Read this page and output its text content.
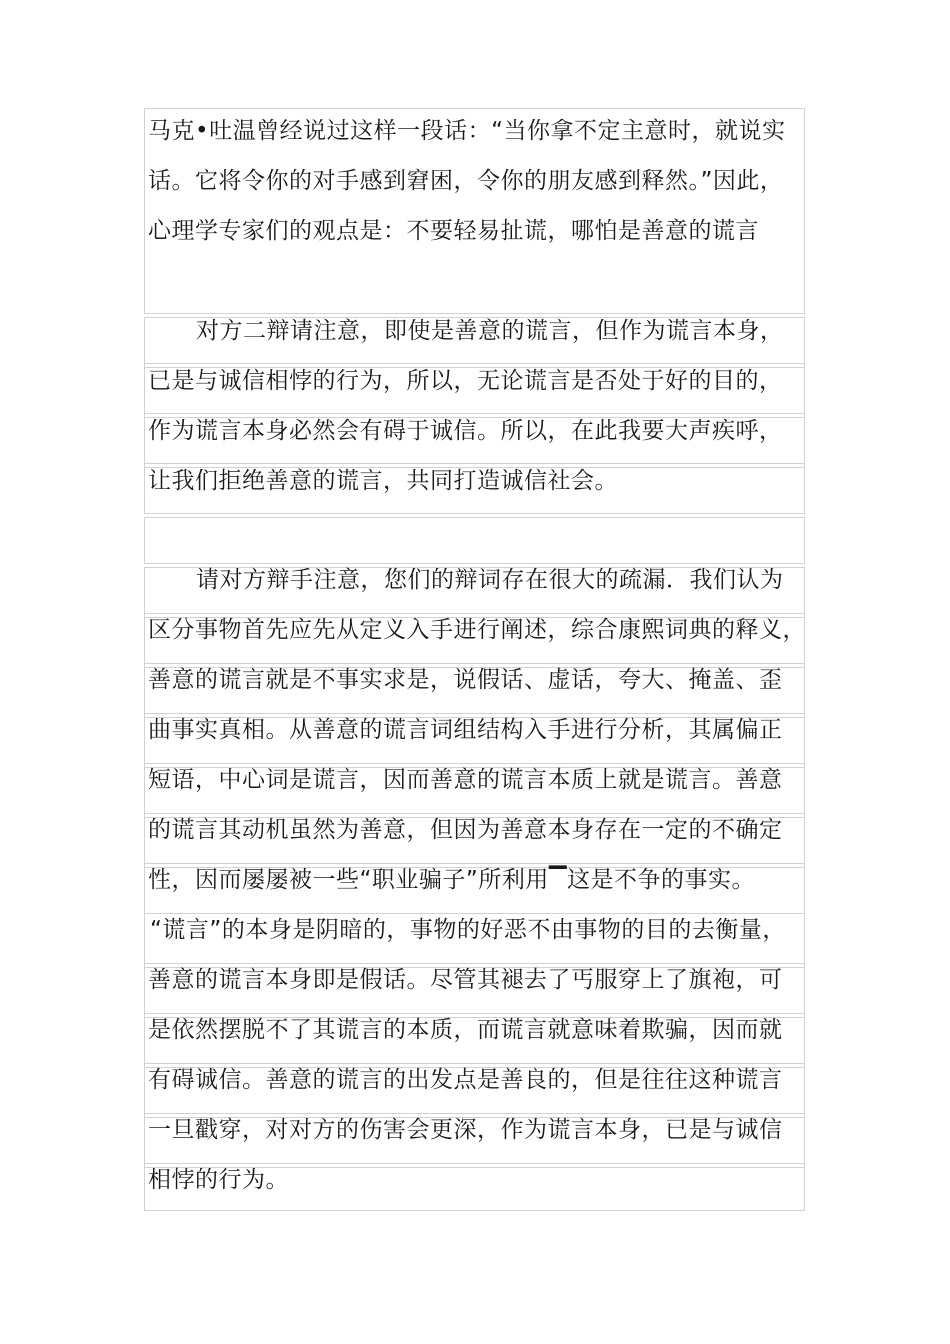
马克•吐温曾经说过这样一段话：“当你拿不定主意时，就说实
话。它将令你的对手感到窘困，令你的朋友感到释然。”因此，
心理学专家们的观点是：不要轻易扯谎，哪怕是善意的谎言
对方二辩请注意，即使是善意的谎言，但作为谎言本身，
已是与诚信相悖的行为，所以，无论谎言是否处于好的目的，
作为谎言本身必然会有碍于诚信。所以，在此我要大声疾呼，
让我们拒绝善意的谎言，共同打造诚信社会。
请对方辩手注意，您们的辩词存在很大的疏漏．我们认为
区分事物首先应先从定义入手进行阐述，综合康熙词典的释义，
善意的谎言就是不事实求是，说假话、虚话，夸大、掩盖、歪
曲事实真相。从善意的谎言词组结构入手进行分析，其属偏正
短语，中心词是谎言，因而善意的谎言本质上就是谎言。善意
的谎言其动机虽然为善意，但因为善意本身存在一定的不确定
性，因而屡屡被一些“职业骗子”所利用▔这是不争的事实。
“谎言”的本身是阴暗的，事物的好恶不由事物的目的去衡量，
善意的谎言本身即是假话。尽管其褪去了丐服穿上了旗袍，可
是依然摆脱不了其谎言的本质，而谎言就意味着欺骗，因而就
有碍诚信。善意的谎言的出发点是善良的，但是往往这种谎言
一旦戳穿，对对方的伤害会更深，作为谎言本身，已是与诚信
相悖的行为。
